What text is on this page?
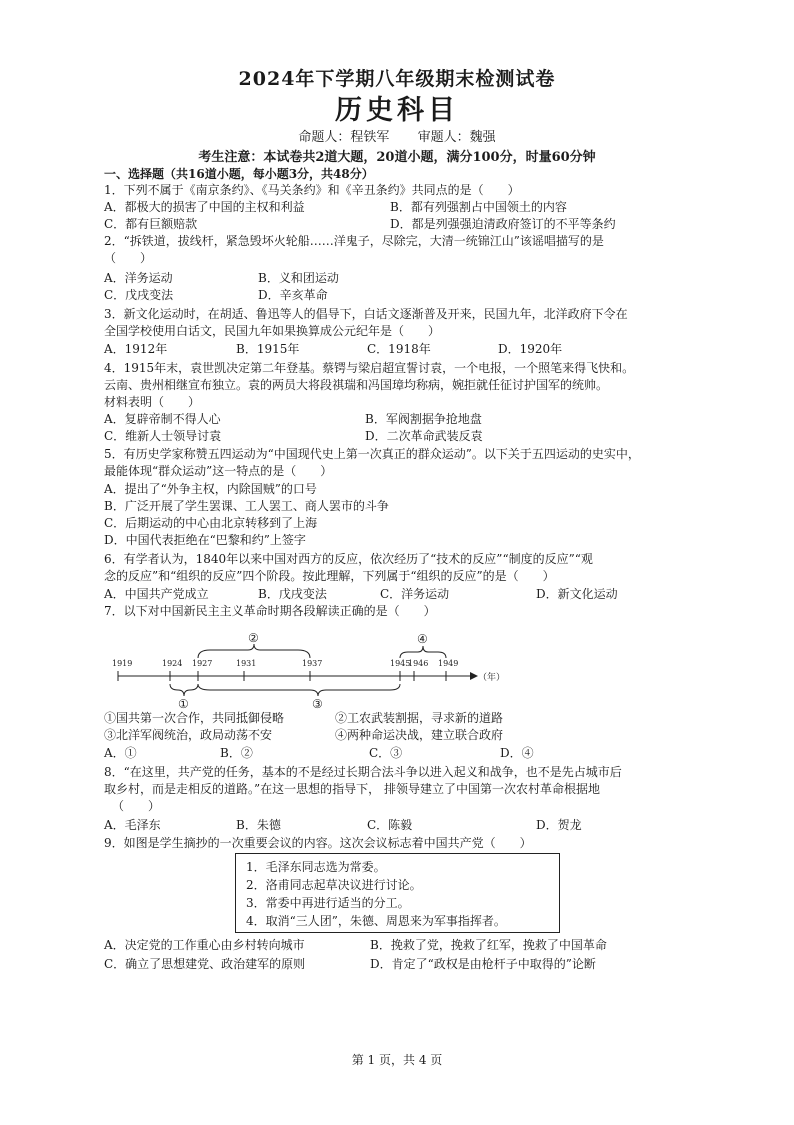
2024年下学期八年级期末检测试卷
历史科目
命题人：程铁军 审题人：魏强
考生注意：本试卷共2道大题，20道小题，满分100分，时量60分钟
一、选择题（共16道小题，每小题3分，共48分）
1．下列不属于《南京条约》、《马关条约》和《辛丑条约》共同点的是（　　）
A．都极大的损害了中国的主权和利益	B．都有列强割占中国领土的内容
C．都有巨额赔款	D．都是列强强迫清政府签订的不平等条约
2．“拆铁道，拔线杆，紧急毁坏火轮船……洋鬼子，尽除完，大清一统锦江山”该谣唱描写的是
（　　）
A．洋务运动	B．义和团运动
C．戊戌变法	D．辛亥革命
3．新文化运动时，在胡适、鲁迅等人的倡导下，白话文逐渐普及开来，民国九年，北洋政府下令在
全国学校使用白话文，民国九年如果换算成公元纪年是（　　）
A．1912年	B．1915年	C．1918年	D．1920年
4．1915年末，袁世凯决定第二年登基。蔡锷与梁启超宣誓讨袁，一个电报，一个照笔来得飞快和。
云南、贵州相继宣布独立。袁的两员大将段祺瑞和冯国璋均称病，婉拒就任征讨护国军的统帅。
材料表明（　　）
A．复辟帝制不得人心	B．军阀割据争抢地盘
C．维新人士领导讨袁	D．二次革命武装反袁
5．有历史学家称赞五四运动为“中国现代史上第一次真正的群众运动”。以下关于五四运动的史实中，
最能体现“群众运动”这一特点的是（　　）
A．提出了“外争主权，内除国贼”的口号
B．广泛开展了学生罢课、工人罢工、商人罢市的斗争
C．后期运动的中心由北京转移到了上海
D．中国代表拒绝在“巴黎和约”上签字
6．有学者认为，1840年以来中国对西方的反应，依次经历了“技术的反应”“制度的反应”“观
念的反应”和“组织的反应”四个阶段。按此理解，下列属于“组织的反应”的是（　　）
A．中国共产党成立	B．戊戌变法	C．洋务运动	D．新文化运动
7．以下对中国新民主主义革命时期各段解读正确的是（　　）
1919	1924 1927	1931	1937	1945
1946 1949
（年）
②	④
①	③
①国共第一次合作，共同抵御侵略	②工农武装割据，寻求新的道路
③北洋军阀统治，政局动荡不安	④两种命运决战，建立联合政府
A．①	B．②	C．③	D．④
8．“在这里，共产党的任务，基本的不是经过长期合法斗争以进入起义和战争，也不是先占城市后
取乡村，而是走相反的道路。”在这一思想的指导下， 排领导建立了中国第一次农村革命根据地
（　　）
A．毛泽东	B．朱德	C．陈毅	D．贺龙
9．如图是学生摘抄的一次重要会议的内容。这次会议标志着中国共产党（　　）
1．毛泽东同志选为常委。
2．洛甫同志起草决议进行讨论。
3．常委中再进行适当的分工。
4．取消“三人团”，朱德、周恩来为军事指挥者。
A．决定党的工作重心由乡村转向城市	B．挽救了党，挽救了红军，挽救了中国革命
C．确立了思想建党、政治建军的原则	D．肯定了“政权是由枪杆子中取得的”论断
第 1 页，共 4 页
